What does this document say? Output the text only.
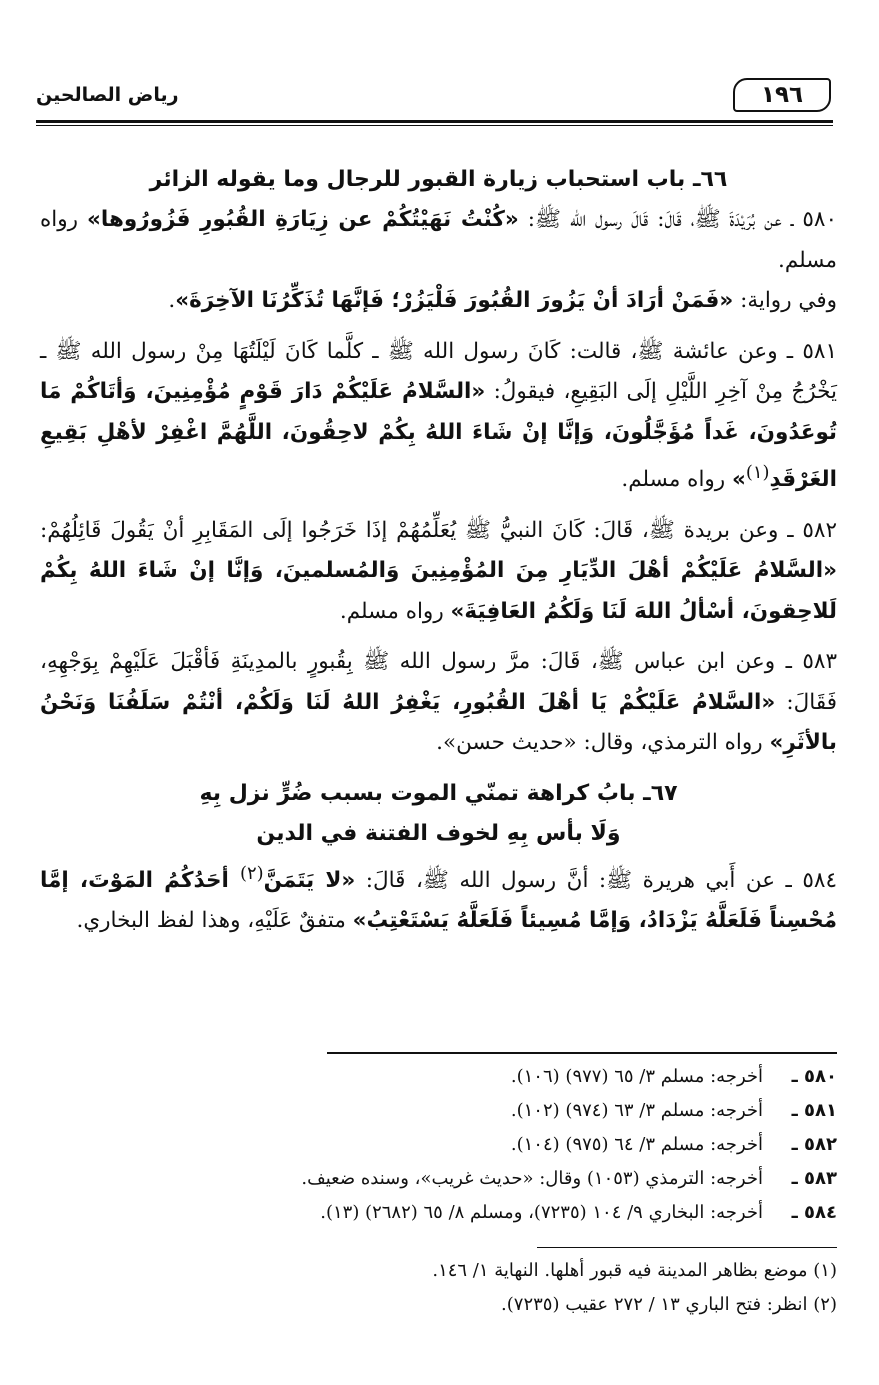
١٩٦
رياض الصالحين
٦٦ـ باب استحباب زيارة القبور للرجال وما يقوله الزائر

٥٨٠ ـ عن بُرَيْدَةَ ﷺ، قَالَ: قَالَ رسول الله ﷺ: «كُنْتُ نَهَيْتُكُمْ عن زِيَارَةِ القُبُورِ فَزُورُوها» رواه مسلم.

وفي رواية: «فَمَنْ أرَادَ أنْ يَزُورَ القُبُورَ فَلْيَزُرْ؛ فَإنَّهَا تُذَكِّرُنَا الآخِرَةَ».

٥٨١ ـ وعن عائشة ﷺ، قالت: كَانَ رسول الله ﷺ ـ كلَّما كَانَ لَيْلَتُهَا مِنْ رسول الله ﷺ ـ يَخْرُجُ مِنْ آخِرِ اللَّيْلِ إلَى البَقِيعِ، فيقولُ: «السَّلامُ عَلَيْكُمْ دَارَ قَوْمٍ مُؤْمِنِينَ، وَأتَاكُمْ مَا تُوعَدُونَ، غَداً مُؤَجَّلُونَ، وَإنَّا إنْ شَاءَ اللهُ بِكُمْ لاحِقُونَ، اللَّهُمَّ اغْفِرْ لأهْلِ بَقِيعِ الغَرْقَدِ$^{(١)}$» رواه مسلم.

٥٨٢ ـ وعن بريدة ﷺ، قَالَ: كَانَ النبيُّ ﷺ يُعَلِّمُهُمْ إذَا خَرَجُوا إلَى المَقَابِرِ أنْ يَقُولَ قَائِلُهُمْ: «السَّلامُ عَلَيْكُمْ أهْلَ الدِّيَارِ مِنَ المُؤْمِنِينَ وَالمُسلمينَ، وَإنَّا إنْ شَاءَ اللهُ بِكُمْ لَلاحِقونَ، أسْألُ اللهَ لَنَا وَلَكُمُ العَافِيَةَ» رواه مسلم.

٥٨٣ ـ وعن ابن عباس ﷺ، قَالَ: مرَّ رسول الله ﷺ بِقُبورٍ بالمدِينَةِ فَأقْبَلَ عَلَيْهِمْ بِوَجْهِهِ، فَقَالَ: «السَّلامُ عَلَيْكُمْ يَا أهْلَ القُبُورِ، يَغْفِرُ اللهُ لَنَا وَلَكُمْ، أنْتُمْ سَلَفُنَا وَنَحْنُ بالأثَرِ» رواه الترمذي، وقال: «حديث حسن».

٦٧ـ بابُ كراهة تمنّي الموت بسبب ضُرٍّ نزل بِهِ
وَلَا بأس بِهِ لخوف الفتنة في الدين

٥٨٤ ـ عن أَبي هريرة ﷺ: أنَّ رسول الله ﷺ، قَالَ: «لا يَتَمَنَّ$^{(٢)}$ أحَدُكُمُ المَوْتَ، إمَّا مُحْسِناً فَلَعَلَّهُ يَزْدَادُ، وَإمَّا مُسِيئاً فَلَعَلَّهُ يَسْتَعْتِبُ» متفقٌ عَلَيْهِ، وهذا لفظ البخاري.

٥٨٠ ـ
أخرجه: مسلم ٣/ ٦٥ (٩٧٧) (١٠٦).
٥٨١ ـ
أخرجه: مسلم ٣/ ٦٣ (٩٧٤) (١٠٢).
٥٨٢ ـ
أخرجه: مسلم ٣/ ٦٤ (٩٧٥) (١٠٤).
٥٨٣ ـ
أخرجه: الترمذي (١٠٥٣) وقال: «حديث غريب»، وسنده ضعيف.
٥٨٤ ـ
أخرجه: البخاري ٩/ ١٠٤ (٧٢٣٥)، ومسلم ٨/ ٦٥ (٢٦٨٢) (١٣).
(١) موضع بظاهر المدينة فيه قبور أهلها. النهاية ١/ ١٤٦.
(٢) انظر: فتح الباري ١٣ / ٢٧٢ عقيب (٧٢٣٥).
